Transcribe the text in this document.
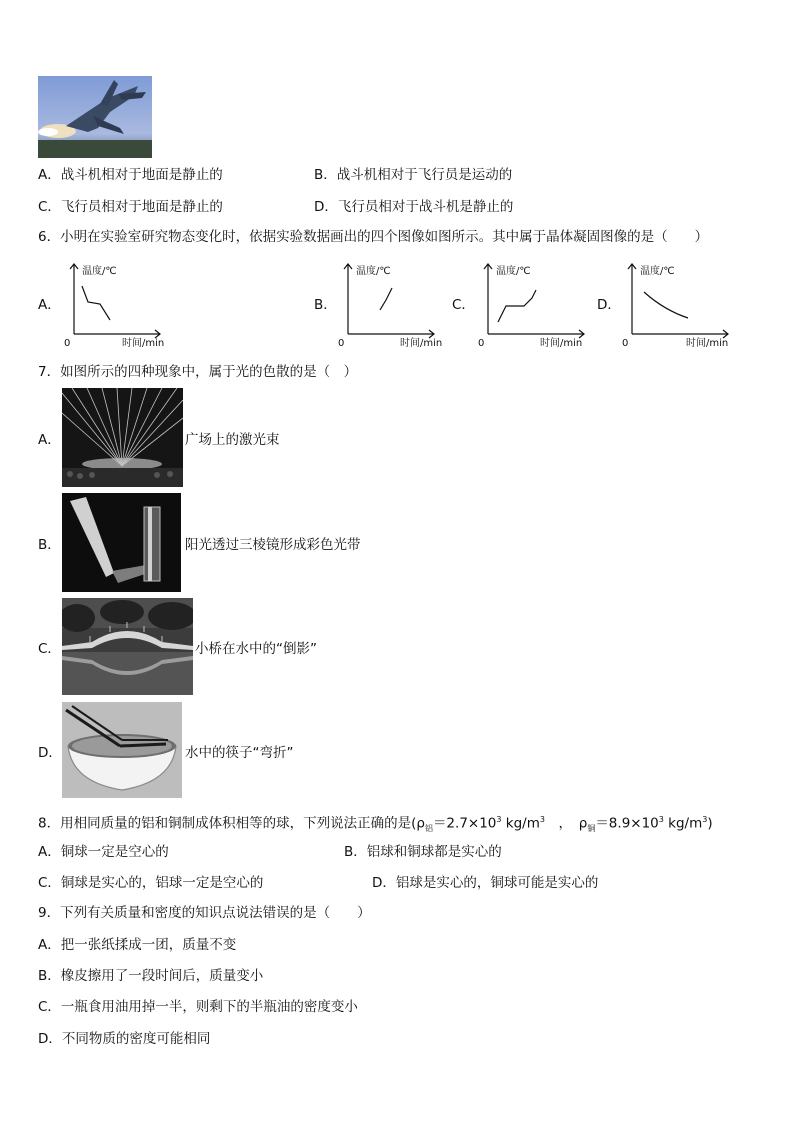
A．战斗机相对于地面是静止的	B．战斗机相对于飞行员是运动的
C．飞行员相对于地面是静止的	D．飞行员相对于战斗机是静止的
6．小明在实验室研究物态变化时，依据实验数据画出的四个图像如图所示。其中属于晶体凝固图像的是（　　）
A．
温度/℃
时间/min
0
B．
温度/℃
时间/min
0
C．
温度/℃
时间/min
0
D．
温度/℃
时间/min
0
7．如图所示的四种现象中，属于光的色散的是（　）
A．	广场上的激光束
B．	阳光透过三棱镜形成彩色光带
C．	小桥在水中的“倒影”
D．	水中的筷子“弯折”
8．用相同质量的铝和铜制成体积相等的球，下列说法正确的是($\rho_铝=2.7\times 10^3$ $kg/m^3$　，　$\rho_铜=8.9\times 10^3$ $kg/m^3$)
A．铜球一定是空心的	B．铝球和铜球都是实心的
C．铜球是实心的，铝球一定是空心的	D．铝球是实心的，铜球可能是实心的
9．下列有关质量和密度的知识点说法错误的是（　　）
A．把一张纸揉成一团，质量不变
B．橡皮擦用了一段时间后，质量变小
C．一瓶食用油用掉一半，则剩下的半瓶油的密度变小
D．不同物质的密度可能相同
